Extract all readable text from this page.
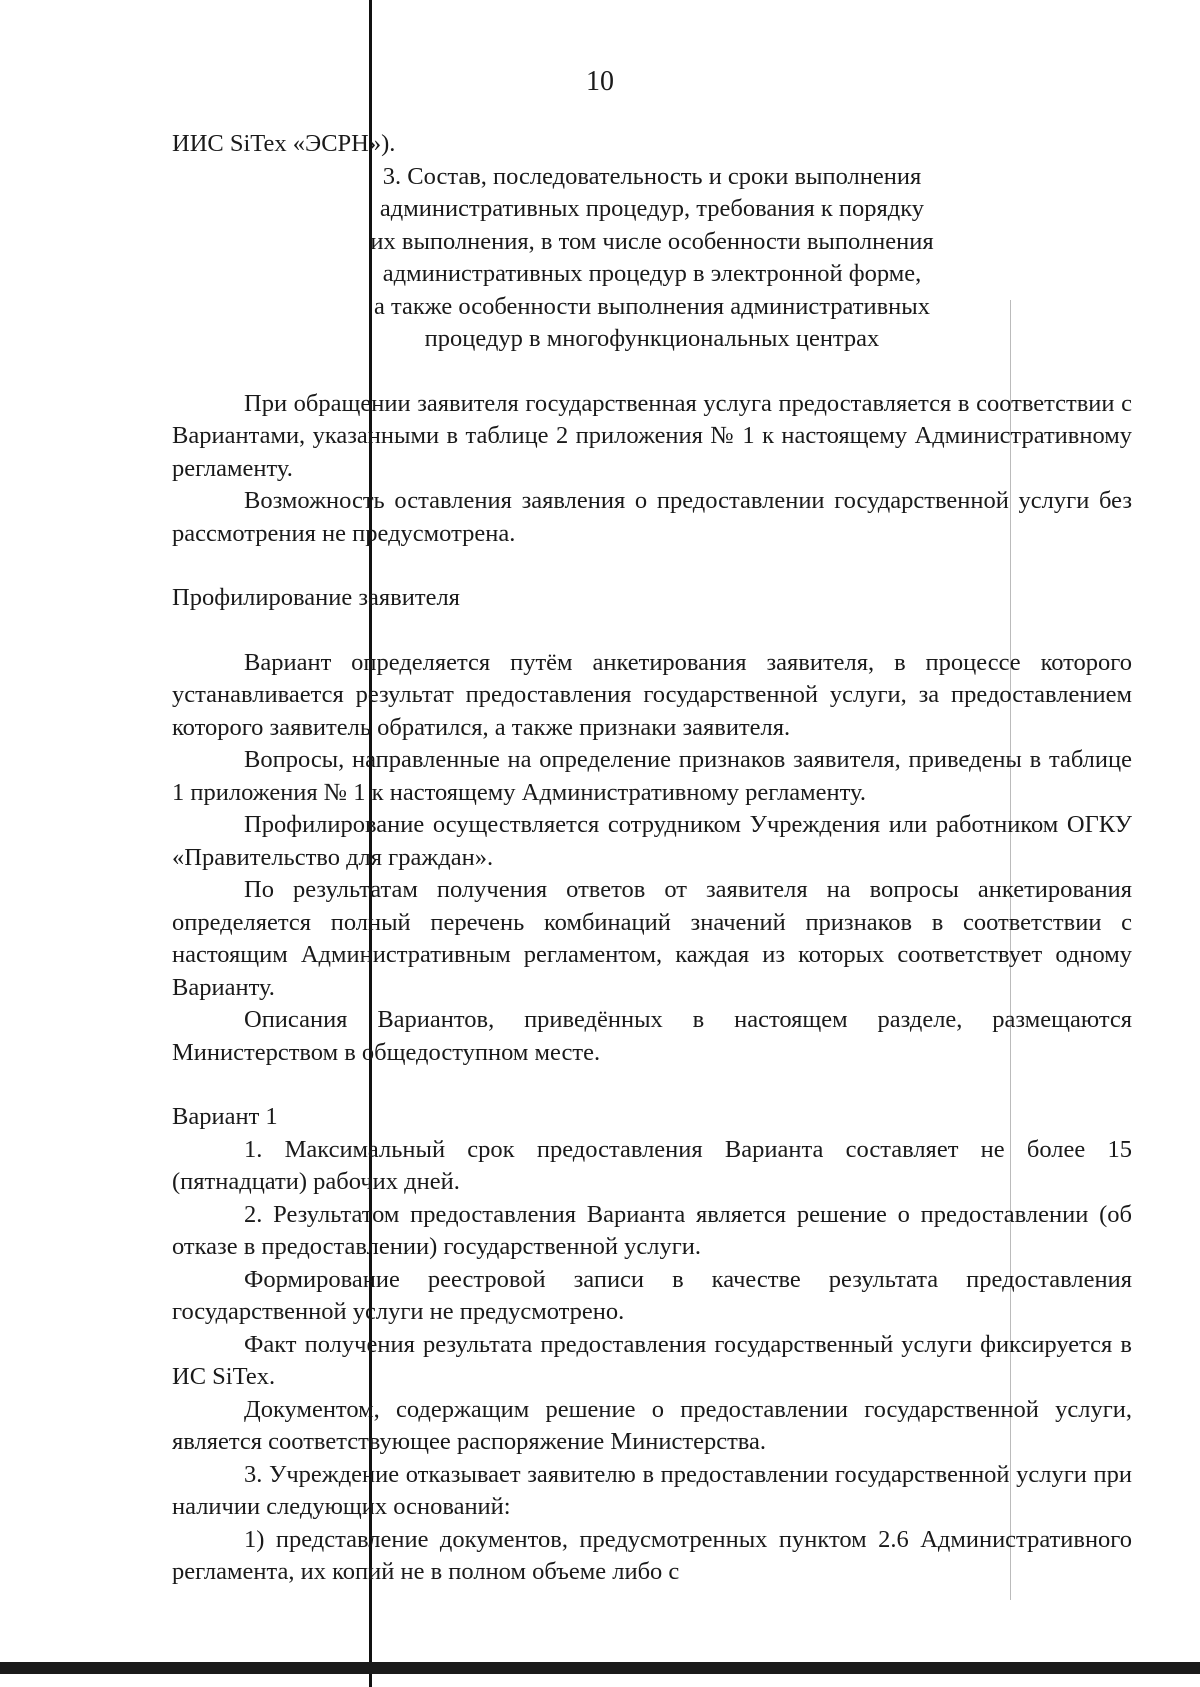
10

ИИС SiTex «ЭСРН»).

3. Состав, последовательность и сроки выполнения
административных процедур, требования к порядку
их выполнения, в том числе особенности выполнения
административных процедур в электронной форме,
а также особенности выполнения административных
процедур в многофункциональных центрах

При обращении заявителя государственная услуга предоставляется в соответствии с Вариантами, указанными в таблице 2 приложения № 1 к настоящему Административному регламенту.

Возможность оставления заявления о предоставлении государственной услуги без рассмотрения не предусмотрена.

Профилирование заявителя

Вариант определяется путём анкетирования заявителя, в процессе которого устанавливается результат предоставления государственной услуги, за предоставлением которого заявитель обратился, а также признаки заявителя.

Вопросы, направленные на определение признаков заявителя, приведены в таблице 1 приложения № 1 к настоящему Административному регламенту.

Профилирование осуществляется сотрудником Учреждения или работником ОГКУ «Правительство для граждан».

По результатам получения ответов от заявителя на вопросы анкетирования определяется полный перечень комбинаций значений признаков в соответствии с настоящим Административным регламентом, каждая из которых соответствует одному Варианту.

Описания Вариантов, приведённых в настоящем разделе, размещаются Министерством в общедоступном месте.

Вариант 1

1. Максимальный срок предоставления Варианта составляет не более 15 (пятнадцати) рабочих дней.

2. Результатом предоставления Варианта является решение о предоставлении (об отказе в предоставлении) государственной услуги.

Формирование реестровой записи в качестве результата предоставления государственной услуги не предусмотрено.

Факт получения результата предоставления государственный услуги фиксируется в ИС SiTex.

Документом, содержащим решение о предоставлении государственной услуги, является соответствующее распоряжение Министерства.

3. Учреждение отказывает заявителю в предоставлении государственной услуги при наличии следующих оснований:

1) представление документов, предусмотренных пунктом 2.6 Административного регламента, их копий не в полном объеме либо с
